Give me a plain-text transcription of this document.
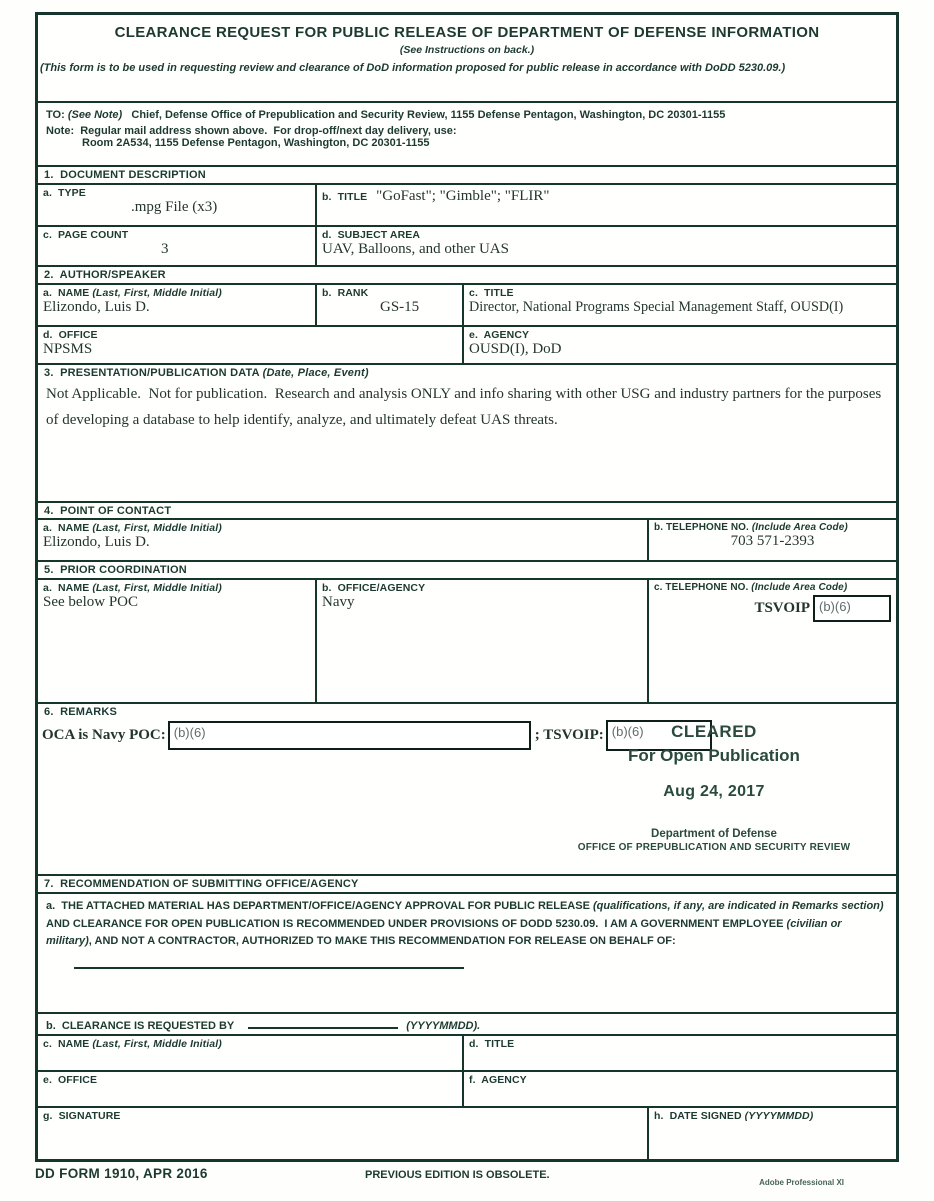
CLEARANCE REQUEST FOR PUBLIC RELEASE OF DEPARTMENT OF DEFENSE INFORMATION
(See Instructions on back.)
(This form is to be used in requesting review and clearance of DoD information proposed for public release in accordance with DoDD 5230.09.)
TO: (See Note) Chief, Defense Office of Prepublication and Security Review, 1155 Defense Pentagon, Washington, DC 20301-1155
Note: Regular mail address shown above.  For drop-off/next day delivery, use:
Room 2A534, 1155 Defense Pentagon, Washington, DC 20301-1155
1.  DOCUMENT DESCRIPTION
a.  TYPE
.mpg File (x3)
b.  TITLE "GoFast"; "Gimble"; "FLIR"
c.  PAGE COUNT
3
d.  SUBJECT AREA
UAV, Balloons, and other UAS
2.  AUTHOR/SPEAKER
a.  NAME (Last, First, Middle Initial)
Elizondo, Luis D.
b.  RANK
GS-15
c.  TITLE
Director, National Programs Special Management Staff, OUSD(I)
d.  OFFICE
NPSMS
e.  AGENCY
OUSD(I), DoD
3.  PRESENTATION/PUBLICATION DATA (Date, Place, Event)
Not Applicable.  Not for publication.  Research and analysis ONLY and info sharing with other USG and industry partners for the purposes of developing a database to help identify, analyze, and ultimately defeat UAS threats.
4.  POINT OF CONTACT
a.  NAME (Last, First, Middle Initial)
Elizondo, Luis D.
b. TELEPHONE NO. (Include Area Code)
703 571-2393
5.  PRIOR COORDINATION
a.  NAME (Last, First, Middle Initial)
See below POC
b.  OFFICE/AGENCY
Navy
c. TELEPHONE NO. (Include Area Code)
TSVOIP (b)(6)
6.  REMARKS
OCA is Navy POC: (b)(6)	; TSVOIP: (b)(6)	CLEARED
For Open Publication
Aug 24, 2017
Department of Defense
OFFICE OF PREPUBLICATION AND SECURITY REVIEW
7.  RECOMMENDATION OF SUBMITTING OFFICE/AGENCY
a.  THE ATTACHED MATERIAL HAS DEPARTMENT/OFFICE/AGENCY APPROVAL FOR PUBLIC RELEASE (qualifications, if any, are indicated in Remarks section) AND CLEARANCE FOR OPEN PUBLICATION IS RECOMMENDED UNDER PROVISIONS OF DODD 5230.09.  I AM A GOVERNMENT EMPLOYEE (civilian or military), AND NOT A CONTRACTOR, AUTHORIZED TO MAKE THIS RECOMMENDATION FOR RELEASE ON BEHALF OF:
b.  CLEARANCE IS REQUESTED BY	(YYYYMMDD).
c.  NAME (Last, First, Middle Initial)	d.  TITLE
e.  OFFICE	f.  AGENCY
g.  SIGNATURE	h.  DATE SIGNED (YYYYMMDD)
DD FORM 1910, APR 2016	PREVIOUS EDITION IS OBSOLETE.
Adobe Professional XI
